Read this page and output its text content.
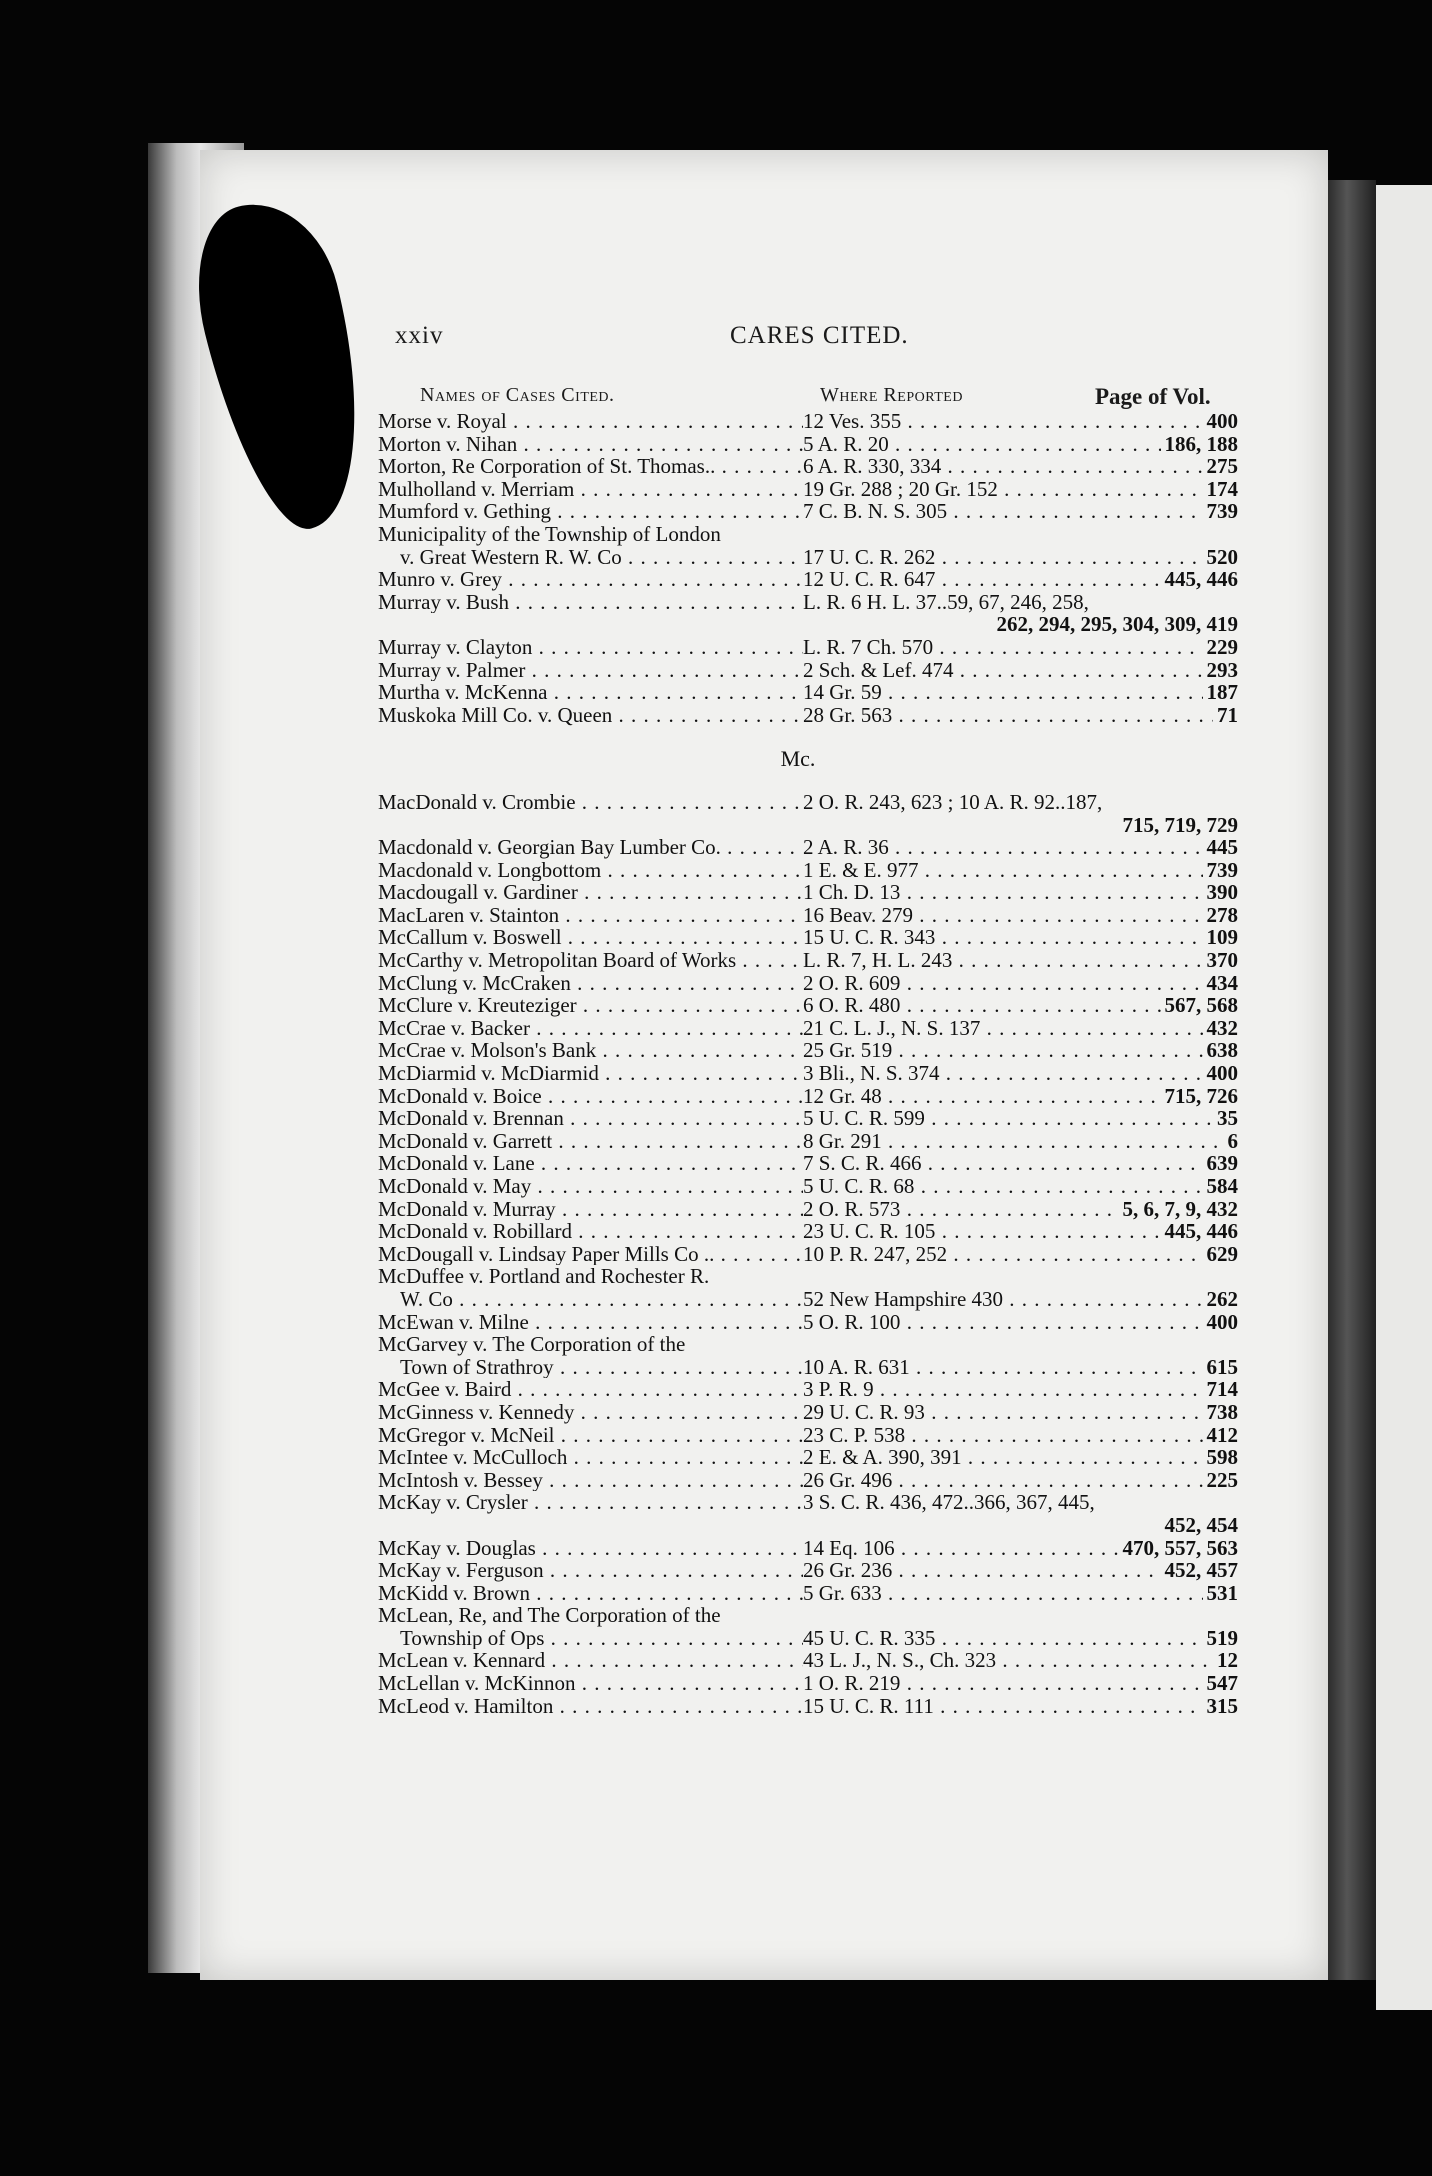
xxiv	CARES CITED.
Names of Cases Cited.	Where Reported	Page of Vol.
Morse v. Royal . . .	12 Ves. 355 . . .	400
Morton v. Nihan . . .	5 A. R. 20 . . .	186, 188
Morton, Re Corporation of St. Thomas.. . . .	6 A. R. 330, 334 . . .	275
Mulholland v. Merriam . . .	19 Gr. 288 ; 20 Gr. 152 . . .	174
Mumford v. Gething . . .	7 C. B. N. S. 305 . . .	739
Municipality of the Township of London
v. Great Western R. W. Co . . .	17 U. C. R. 262 . . .	520
Munro v. Grey . . .	12 U. C. R. 647 . . .	445, 446
Murray v. Bush . . .	L. R. 6 H. L. 37..59, 67, 246, 258,
262, 294, 295, 304, 309, 419
Murray v. Clayton . . .	L. R. 7 Ch. 570 . . .	229
Murray v. Palmer . . .	2 Sch. & Lef. 474 . . .	293
Murtha v. McKenna . . .	14 Gr. 59 . . .	187
Muskoka Mill Co. v. Queen . . .	28 Gr. 563 . . .	71
Mc.
MacDonald v. Crombie . . .	2 O. R. 243, 623 ; 10 A. R. 92..187,
715, 719, 729
Macdonald v. Georgian Bay Lumber Co. . . .	2 A. R. 36 . . .	445
Macdonald v. Longbottom . . .	1 E. & E. 977 . . .	739
Macdougall v. Gardiner . . .	1 Ch. D. 13 . . .	390
MacLaren v. Stainton . . .	16 Beav. 279 . . .	278
McCallum v. Boswell . . .	15 U. C. R. 343 . . .	109
McCarthy v. Metropolitan Board of Works . . .	L. R. 7, H. L. 243 . . .	370
McClung v. McCraken . . .	2 O. R. 609 . . .	434
McClure v. Kreuteziger . . .	6 O. R. 480 . . .	567, 568
McCrae v. Backer . . .	21 C. L. J., N. S. 137 . . .	432
McCrae v. Molson's Bank . . .	25 Gr. 519 . . .	638
McDiarmid v. McDiarmid . . .	3 Bli., N. S. 374 . . .	400
McDonald v. Boice . . .	12 Gr. 48 . . .	715, 726
McDonald v. Brennan . . .	5 U. C. R. 599 . . .	35
McDonald v. Garrett . . .	8 Gr. 291 . . .	6
McDonald v. Lane . . .	7 S. C. R. 466 . . .	639
McDonald v. May . . .	5 U. C. R. 68 . . .	584
McDonald v. Murray . . .	2 O. R. 573 . . .	5, 6, 7, 9, 432
McDonald v. Robillard . . .	23 U. C. R. 105 . . .	445, 446
McDougall v. Lindsay Paper Mills Co .. . . .	10 P. R. 247, 252 . . .	629
McDuffee v. Portland and Rochester R.
W. Co . . .	52 New Hampshire 430 . . .	262
McEwan v. Milne . . .	5 O. R. 100 . . .	400
McGarvey v. The Corporation of the
Town of Strathroy . . .	10 A. R. 631 . . .	615
McGee v. Baird . . .	3 P. R. 9 . . .	714
McGinness v. Kennedy . . .	29 U. C. R. 93 . . .	738
McGregor v. McNeil . . .	23 C. P. 538 . . .	412
McIntee v. McCulloch . . .	2 E. & A. 390, 391 . . .	598
McIntosh v. Bessey . . .	26 Gr. 496 . . .	225
McKay v. Crysler . . .	3 S. C. R. 436, 472..366, 367, 445,
452, 454
McKay v. Douglas . . .	14 Eq. 106 . . .	470, 557, 563
McKay v. Ferguson . . .	26 Gr. 236 . . .	452, 457
McKidd v. Brown . . .	5 Gr. 633 . . .	531
McLean, Re, and The Corporation of the
Township of Ops . . .	45 U. C. R. 335 . . .	519
McLean v. Kennard . . .	43 L. J., N. S., Ch. 323 . . .	12
McLellan v. McKinnon . . .	1 O. R. 219 . . .	547
McLeod v. Hamilton . . .	15 U. C. R. 111 . . .	315
